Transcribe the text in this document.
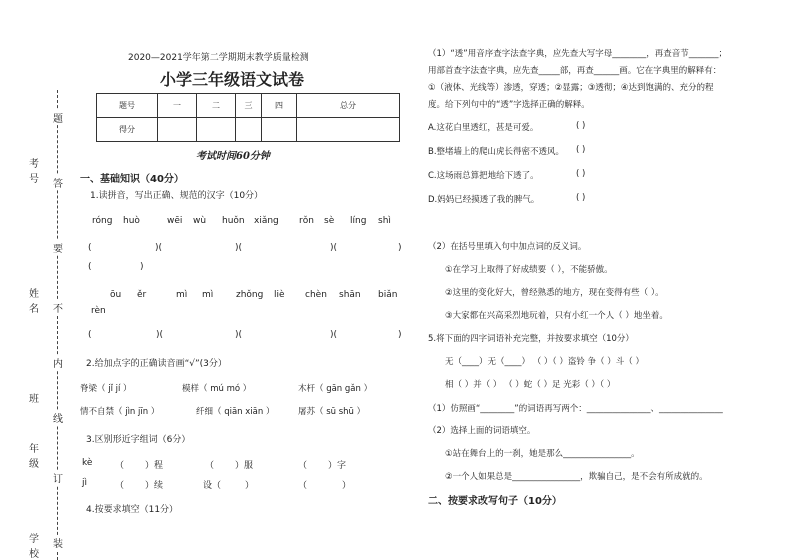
考号
姓名
班
年级
学校
题
答
要
不
内
线
订
装
2020—2021学年第二学期期末教学质量检测
小学三年级语文试卷
题号	一	二	三	四	总分
得分					
考试时间60分钟
一、基础知识（40分）
1.读拼音，写出正确、规范的汉字（10分）
róng huò	wēi wù huǒn xiǎng rǒn sè líng shì
(	)(	)(	)(	)
(	)
ōu ěr	mì mì	zhǒng liè chèn shān biǎn
rèn
(	)(	)(	)(	)
2.给加点字的正确读音画“√”(3分）
脊梁（ jǐ jí ）	模样（ mú mó ）	木杆（ gān gǎn ）
情不自禁（ jìn jīn ）	纤细（ qiān xiān ）	屠苏（ sū shū ）
3.区别形近字组词（6分）
kè	（ ）程	（ ）服	（ ）字
jì	（ ）续	设（	）	（	）
4.按要求填空（11分）
（1）“透”用音序查字法查字典，应先查大写字母________，再查音节_______；
用部首查字法查字典，应先查_____部，再查______画。它在字典里的解释有：
①（液体、光线等）渗透，穿透；②显露；③透彻；④达到饱满的、充分的程
度。给下列句中的“透”字选择正确的解释。
A.这花白里透红，甚是可爱。	( )
B.整堵墙上的爬山虎长得密不透风。 ( )
C.这场雨总算把地给下透了。	( )
D.妈妈已经摸透了我的脾气。	( )
（2）在括号里填入句中加点词的反义词。
①在学习上取得了好成绩要（ ），不能骄傲。
②这里的变化好大，曾经熟悉的地方，现在变得有些（ ）。
③大家都在兴高采烈地玩着，只有小红一个人（ ）地坐着。
5.将下面的四字词语补充完整，并按要求填空（10分）
无（____）无（____） （ ）（ ）盗铃 争（ ）斗（ ）
相（ ）并（ ） （ ）蛇（ ）足 光彩（ ）（ ）
（1）仿照画“________”的词语再写两个：_______________、_______________
（2）选择上面的词语填空。
①站在舞台上的一刹，她是那么________________。
②一个人如果总是________________，欺骗自己，是不会有所成就的。
二、按要求改写句子（10分）
